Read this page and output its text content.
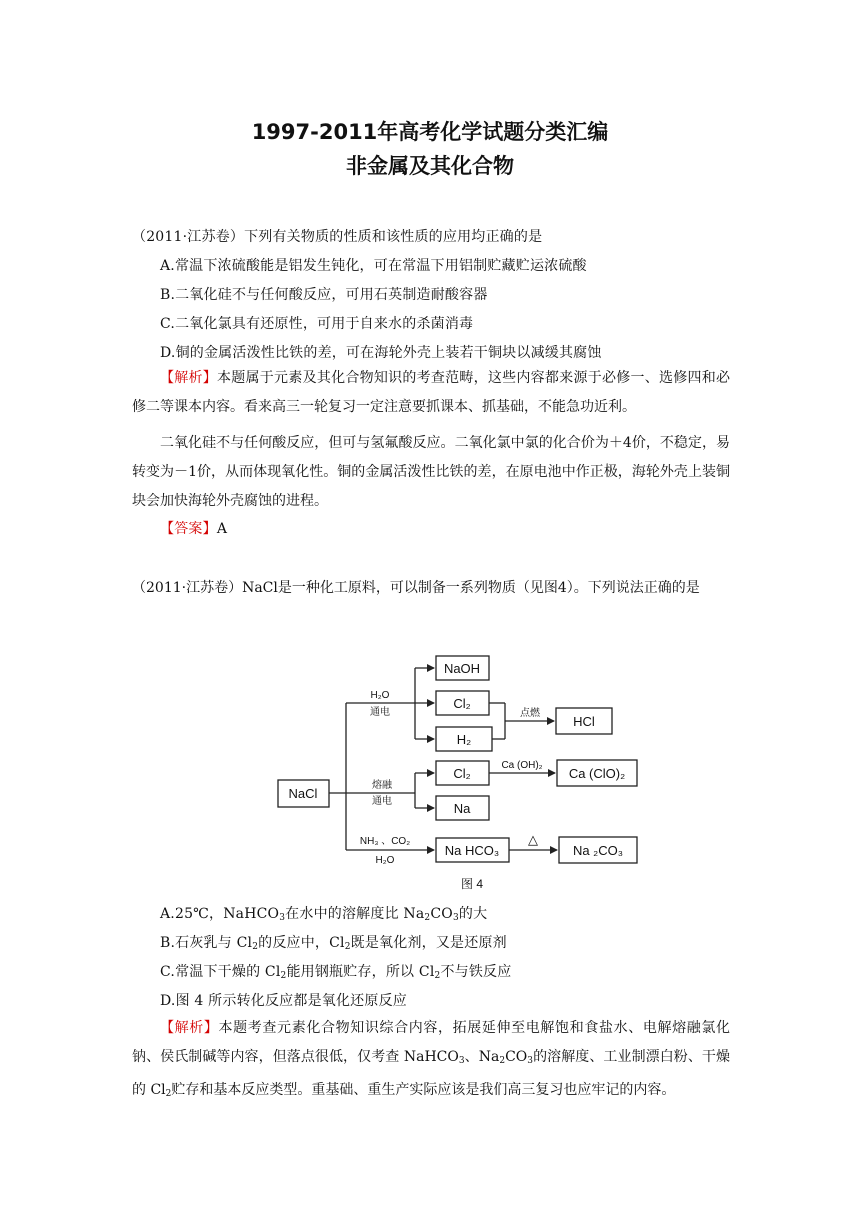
1997-2011年高考化学试题分类汇编
非金属及其化合物
（2011·江苏卷）下列有关物质的性质和该性质的应用均正确的是
A.常温下浓硫酸能是铝发生钝化，可在常温下用铝制贮藏贮运浓硫酸
B.二氧化硅不与任何酸反应，可用石英制造耐酸容器
C.二氧化氯具有还原性，可用于自来水的杀菌消毒
D.铜的金属活泼性比铁的差，可在海轮外壳上装若干铜块以减缓其腐蚀

【解析】本题属于元素及其化合物知识的考查范畴，这些内容都来源于必修一、选修四和必修二等课本内容。看来高三一轮复习一定注意要抓课本、抓基础，不能急功近利。

二氧化硅不与任何酸反应，但可与氢氟酸反应。二氧化氯中氯的化合价为＋4价，不稳定，易转变为－1价，从而体现氧化性。铜的金属活泼性比铁的差，在原电池中作正极，海轮外壳上装铜块会加快海轮外壳腐蚀的进程。

【答案】A

（2011·江苏卷）NaCl是一种化工原料，可以制备一系列物质（见图4）。下列说法正确的是

NaCl
NaOH
Cl₂
H₂
HCl
Cl₂	Ca (ClO)₂
Na
Na HCO₃	Na ₂CO₃
H₂O
通电	点燃
Ca (OH)₂
熔融
通电
NH₃ 、CO₂
H₂O
△
图 4
A.25℃，NaHCO$_3$在水中的溶解度比 $Na_2CO_3$的大
B.石灰乳与 $Cl_2$的反应中，$Cl_2$既是氧化剂，又是还原剂
C.常温下干燥的 $Cl_2$能用钢瓶贮存，所以 $Cl_2$不与铁反应
D.图 4 所示转化反应都是氧化还原反应

【解析】本题考查元素化合物知识综合内容，拓展延伸至电解饱和食盐水、电解熔融氯化钠、侯氏制碱等内容，但落点很低，仅考查 NaHCO$_3$、$Na_2CO_3$的溶解度、工业制漂白粉、干燥的 $Cl_2$贮存和基本反应类型。重基础、重生产实际应该是我们高三复习也应牢记的内容。
